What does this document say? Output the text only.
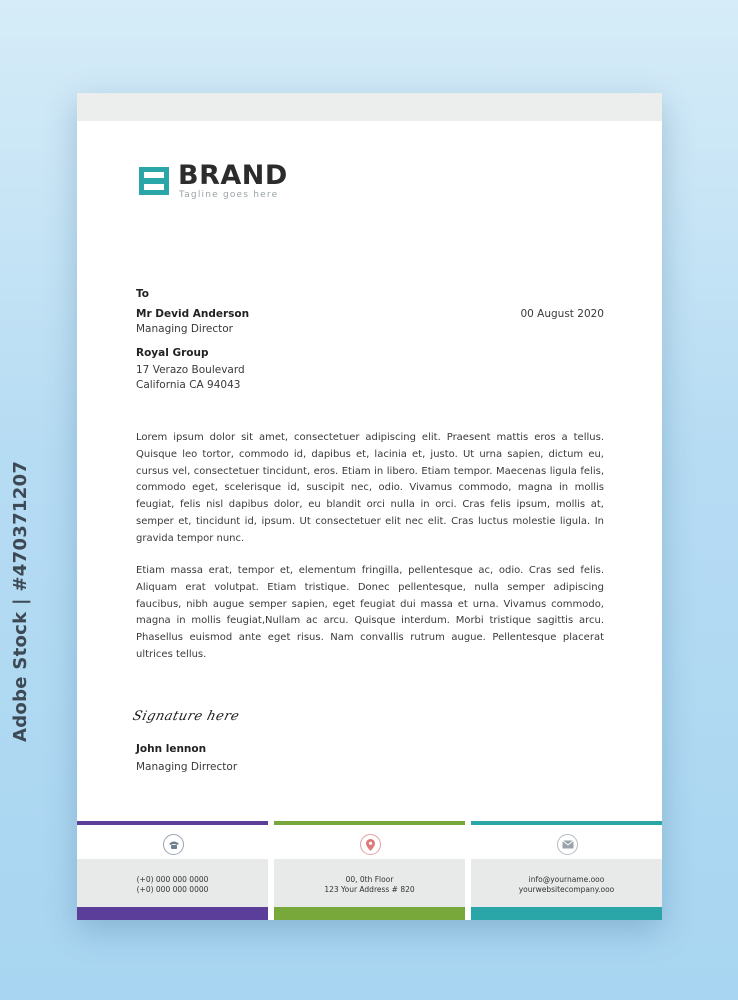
BRAND
Tagline goes here
To
Mr Devid Anderson
Managing Director
00 August 2020
Royal Group
17 Verazo Boulevard
California CA 94043

Lorem ipsum dolor sit amet, consectetuer adipiscing elit. Praesent mattis eros a tellus. Quisque leo tortor, commodo id, dapibus et, lacinia et, justo. Ut urna sapien, dictum eu, cursus vel, consectetuer tincidunt, eros. Etiam in libero. Etiam tempor. Maecenas ligula felis, commodo eget, scelerisque id, suscipit nec, odio. Vivamus commodo, magna in mollis feugiat, felis nisl dapibus dolor, eu blandit orci nulla in orci. Cras felis ipsum, mollis at, semper et, tincidunt id, ipsum. Ut consectetuer elit nec elit. Cras luctus molestie ligula. In gravida tempor nunc.

Etiam massa erat, tempor et, elementum fringilla, pellentesque ac, odio. Cras sed felis. Aliquam erat volutpat. Etiam tristique. Donec pellentesque, nulla semper adipiscing faucibus, nibh augue semper sapien, eget feugiat dui massa et urna. Vivamus commodo, magna in mollis feugiat,Nullam ac arcu. Quisque interdum. Morbi tristique sagittis arcu. Phasellus euismod ante eget risus. Nam convallis rutrum augue. Pellentesque placerat ultrices tellus.

Signature here
John lennon
Managing Dirrector
(+0) 000 000 0000
(+0) 000 000 0000
00, 0th Floor
123 Your Address # 820
info@yourname.ooo
yourwebsitecompany.ooo
Adobe Stock | #470371207
